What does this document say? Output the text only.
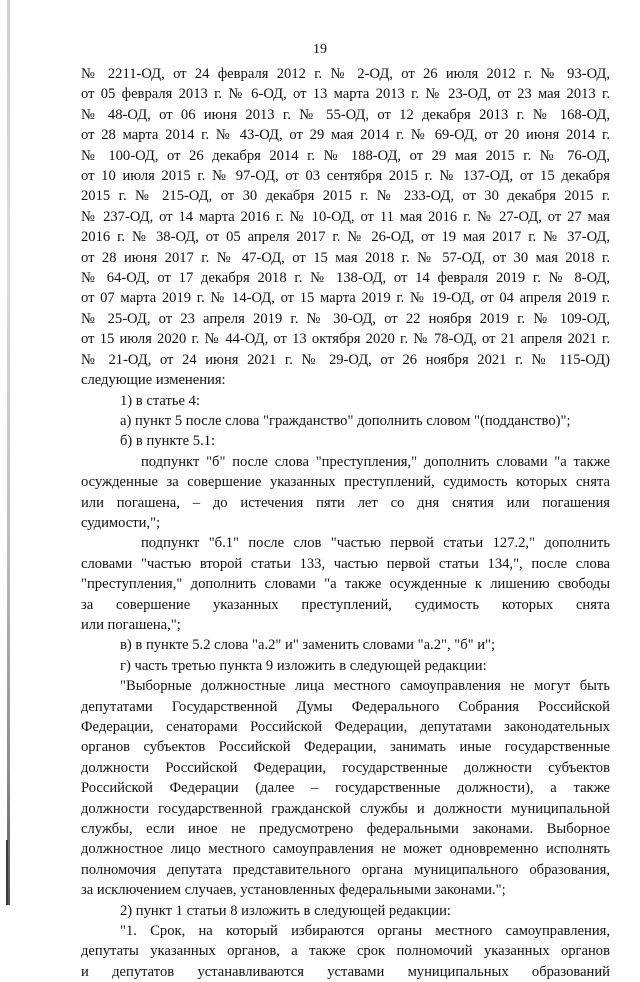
19

№ 2211-ОД, от 24 февраля 2012 г. № 2-ОД, от 26 июля 2012 г. № 93-ОД,

от 05 февраля 2013 г. № 6-ОД, от 13 марта 2013 г. № 23-ОД, от 23 мая 2013 г.

№ 48-ОД, от 06 июня 2013 г. № 55-ОД, от 12 декабря 2013 г. № 168-ОД,

от 28 марта 2014 г. № 43-ОД, от 29 мая 2014 г. № 69-ОД, от 20 июня 2014 г.

№ 100-ОД, от 26 декабря 2014 г. № 188-ОД, от 29 мая 2015 г. № 76-ОД,

от 10 июля 2015 г. № 97-ОД, от 03 сентября 2015 г. № 137-ОД, от 15 декабря

2015 г. № 215-ОД, от 30 декабря 2015 г. № 233-ОД, от 30 декабря 2015 г.

№ 237-ОД, от 14 марта 2016 г. № 10-ОД, от 11 мая 2016 г. № 27-ОД, от 27 мая

2016 г. № 38-ОД, от 05 апреля 2017 г. № 26-ОД, от 19 мая 2017 г. № 37-ОД,

от 28 июня 2017 г. № 47-ОД, от 15 мая 2018 г. № 57-ОД, от 30 мая 2018 г.

№ 64-ОД, от 17 декабря 2018 г. № 138-ОД, от 14 февраля 2019 г. № 8-ОД,

от 07 марта 2019 г. № 14-ОД, от 15 марта 2019 г. № 19-ОД, от 04 апреля 2019 г.

№ 25-ОД, от 23 апреля 2019 г. № 30-ОД, от 22 ноября 2019 г. № 109-ОД,

от 15 июля 2020 г. № 44-ОД, от 13 октября 2020 г. № 78-ОД, от 21 апреля 2021 г.

№ 21-ОД, от 24 июня 2021 г. № 29-ОД, от 26 ноября 2021 г. № 115-ОД)

следующие изменения:

1) в статье 4:

а) пункт 5 после слова "гражданство" дополнить словом "(подданство)";

б) в пункте 5.1:

подпункт "б" после слова "преступления," дополнить словами "а также

осужденные за совершение указанных преступлений, судимость которых снята

или погашена, – до истечения пяти лет со дня снятия или погашения

судимости,";

подпункт "б.1" после слов "частью первой статьи 127.2," дополнить

словами "частью второй статьи 133, частью первой статьи 134,", после слова

"преступления," дополнить словами "а также осужденные к лишению свободы

за совершение указанных преступлений, судимость которых снята

или погашена,";

в) в пункте 5.2 слова "а.2" и" заменить словами "а.2", "б" и";

г) часть третью пункта 9 изложить в следующей редакции:

"Выборные должностные лица местного самоуправления не могут быть

депутатами Государственной Думы Федерального Собрания Российской

Федерации, сенаторами Российской Федерации, депутатами законодательных

органов субъектов Российской Федерации, занимать иные государственные

должности Российской Федерации, государственные должности субъектов

Российской Федерации (далее – государственные должности), а также

должности государственной гражданской службы и должности муниципальной

службы, если иное не предусмотрено федеральными законами. Выборное

должностное лицо местного самоуправления не может одновременно исполнять

полномочия депутата представительного органа муниципального образования,

за исключением случаев, установленных федеральными законами.";

2) пункт 1 статьи 8 изложить в следующей редакции:

"1. Срок, на который избираются органы местного самоуправления,

депутаты указанных органов, а также срок полномочий указанных органов

и депутатов устанавливаются уставами муниципальных образований
